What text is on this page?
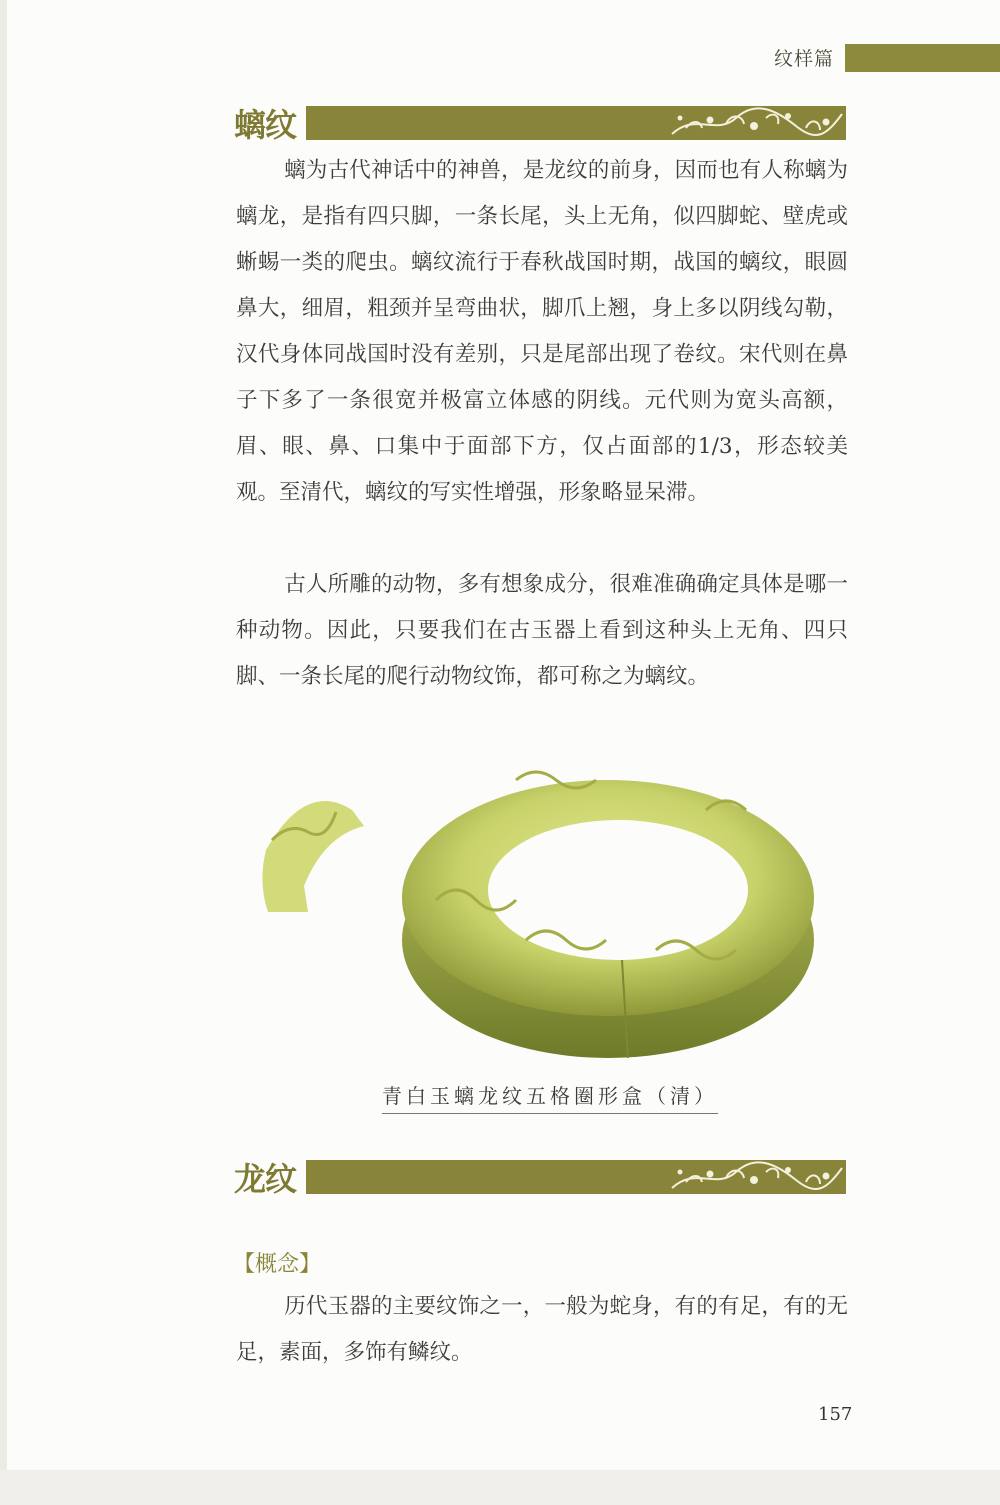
纹样篇
螭纹
螭为古代神话中的神兽，是龙纹的前身，因而也有人称螭为螭龙，是指有四只脚，一条长尾，头上无角，似四脚蛇、壁虎或蜥蜴一类的爬虫。螭纹流行于春秋战国时期，战国的螭纹，眼圆鼻大，细眉，粗颈并呈弯曲状，脚爪上翘，身上多以阴线勾勒，汉代身体同战国时没有差别，只是尾部出现了卷纹。宋代则在鼻子下多了一条很宽并极富立体感的阴线。元代则为宽头高额，眉、眼、鼻、口集中于面部下方，仅占面部的1/3，形态较美观。至清代，螭纹的写实性增强，形象略显呆滞。
古人所雕的动物，多有想象成分，很难准确确定具体是哪一种动物。因此，只要我们在古玉器上看到这种头上无角、四只脚、一条长尾的爬行动物纹饰，都可称之为螭纹。
青白玉螭龙纹五格圈形盒（清）
龙纹
【概念】
历代玉器的主要纹饰之一，一般为蛇身，有的有足，有的无足，素面，多饰有鳞纹。
157
